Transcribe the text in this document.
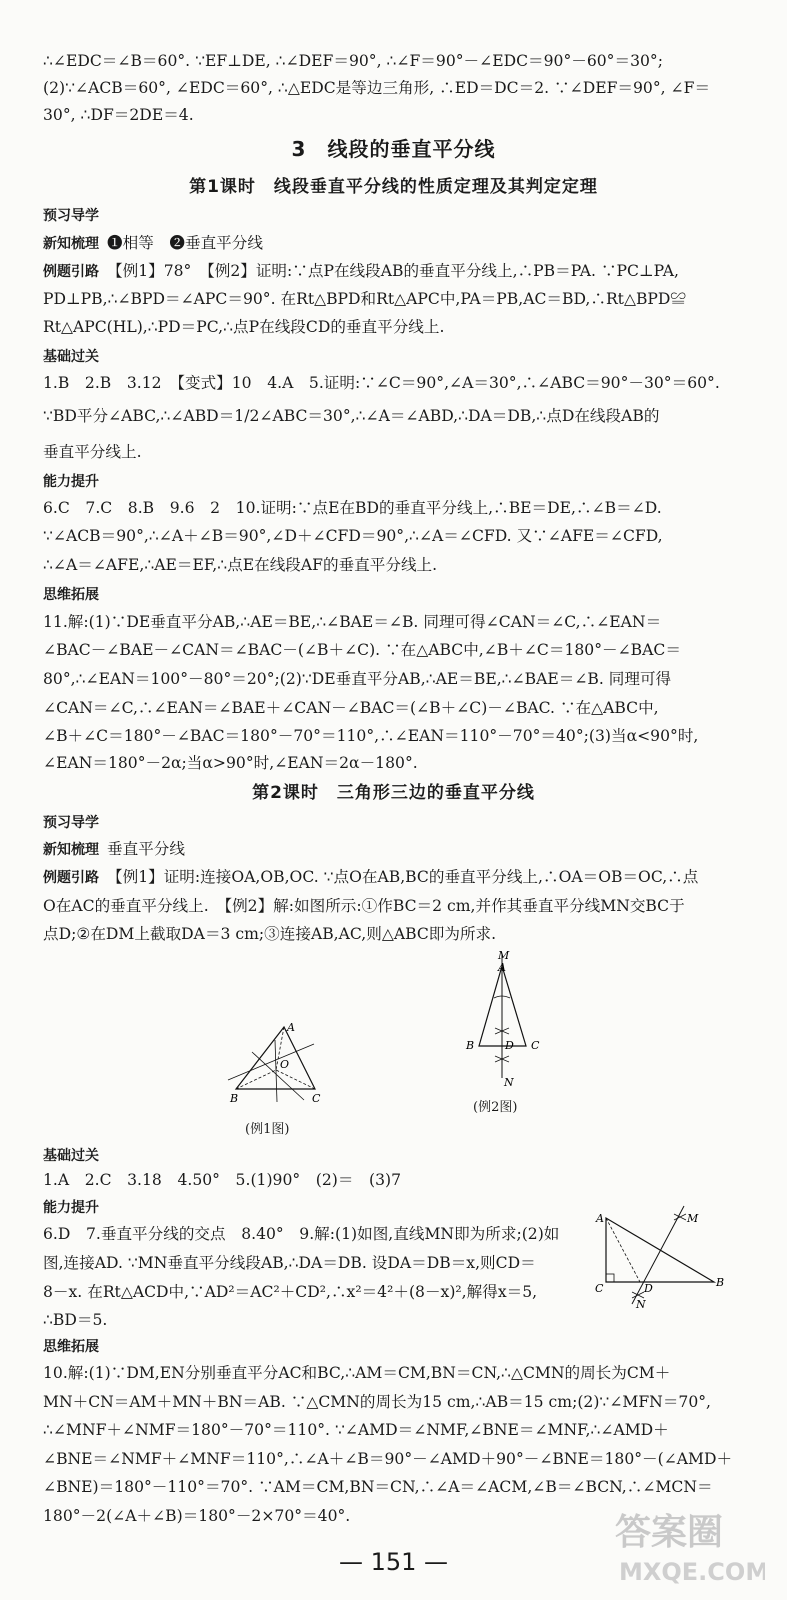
∴∠EDC＝∠B＝60°. ∵EF⊥DE, ∴∠DEF＝90°, ∴∠F＝90°－∠EDC＝90°－60°＝30°;
(2)∵∠ACB＝60°, ∠EDC＝60°, ∴△EDC是等边三角形, ∴ED＝DC＝2. ∵∠DEF＝90°, ∠F＝
30°, ∴DF＝2DE＝4.
3　线段的垂直平分线
第1课时　线段垂直平分线的性质定理及其判定定理
预习导学
新知梳理 ❶相等　❷垂直平分线
例题引路 【例1】78°　【例2】证明:∵点P在线段AB的垂直平分线上,∴PB＝PA. ∵PC⊥PA,
PD⊥PB,∴∠BPD＝∠APC＝90°. 在Rt△BPD和Rt△APC中,PA＝PB,AC＝BD,∴Rt△BPD≌
Rt△APC(HL),∴PD＝PC,∴点P在线段CD的垂直平分线上.
基础过关
1.B　2.B　3.12　【变式】10　4.A　5.证明:∵∠C＝90°,∠A＝30°,∴∠ABC＝90°－30°＝60°.
∵BD平分∠ABC,∴∠ABD＝1/2∠ABC＝30°,∴∠A＝∠ABD,∴DA＝DB,∴点D在线段AB的
垂直平分线上.
能力提升
6.C　7.C　8.B　9.6　2　10.证明:∵点E在BD的垂直平分线上,∴BE＝DE,∴∠B＝∠D.
∵∠ACB＝90°,∴∠A＋∠B＝90°,∠D＋∠CFD＝90°,∴∠A＝∠CFD. 又∵∠AFE＝∠CFD,
∴∠A＝∠AFE,∴AE＝EF,∴点E在线段AF的垂直平分线上.
思维拓展
11.解:(1)∵DE垂直平分AB,∴AE＝BE,∴∠BAE＝∠B. 同理可得∠CAN＝∠C,∴∠EAN＝
∠BAC－∠BAE－∠CAN＝∠BAC－(∠B＋∠C). ∵在△ABC中,∠B＋∠C＝180°－∠BAC＝
80°,∴∠EAN＝100°－80°＝20°;(2)∵DE垂直平分AB,∴AE＝BE,∴∠BAE＝∠B. 同理可得
∠CAN＝∠C,∴∠EAN＝∠BAE＋∠CAN－∠BAC＝(∠B＋∠C)－∠BAC. ∵在△ABC中,
∠B＋∠C＝180°－∠BAC＝180°－70°＝110°,∴∠EAN＝110°－70°＝40°;(3)当α<90°时,
∠EAN＝180°－2α;当α>90°时,∠EAN＝2α－180°.
第2课时　三角形三边的垂直平分线
预习导学
新知梳理 垂直平分线
例题引路 【例1】证明:连接OA,OB,OC. ∵点O在AB,BC的垂直平分线上,∴OA＝OB＝OC,∴点
O在AC的垂直平分线上.　【例2】解:如图所示:①作BC＝2 cm,并作其垂直平分线MN交BC于
点D;②在DM上截取DA＝3 cm;③连接AB,AC,则△ABC即为所求.
A
O
B	C
(例1图)
M
A
B	D C
N
(例2图)
基础过关
1.A　2.C　3.18　4.50°　5.(1)90°　(2)＝　(3)7
能力提升
6.D　7.垂直平分线的交点　8.40°　9.解:(1)如图,直线MN即为所求;(2)如
图,连接AD. ∵MN垂直平分线段AB,∴DA＝DB. 设DA＝DB＝x,则CD＝
8－x. 在Rt△ACD中,∵AD²＝AC²＋CD²,∴x²＝4²＋(8－x)²,解得x＝5,
∴BD＝5.
A	M
C	D	B
N
思维拓展
10.解:(1)∵DM,EN分别垂直平分AC和BC,∴AM＝CM,BN＝CN,∴△CMN的周长为CM＋
MN＋CN＝AM＋MN＋BN＝AB. ∵△CMN的周长为15 cm,∴AB＝15 cm;(2)∵∠MFN＝70°,
∴∠MNF＋∠NMF＝180°－70°＝110°. ∵∠AMD＝∠NMF,∠BNE＝∠MNF,∴∠AMD＋
∠BNE＝∠NMF＋∠MNF＝110°,∴∠A＋∠B＝90°－∠AMD＋90°－∠BNE＝180°－(∠AMD＋
∠BNE)＝180°－110°＝70°. ∵AM＝CM,BN＝CN,∴∠A＝∠ACM,∠B＝∠BCN,∴∠MCN＝
180°－2(∠A＋∠B)＝180°－2×70°＝40°.
— 151 —
答案圈
MXQE.COM
